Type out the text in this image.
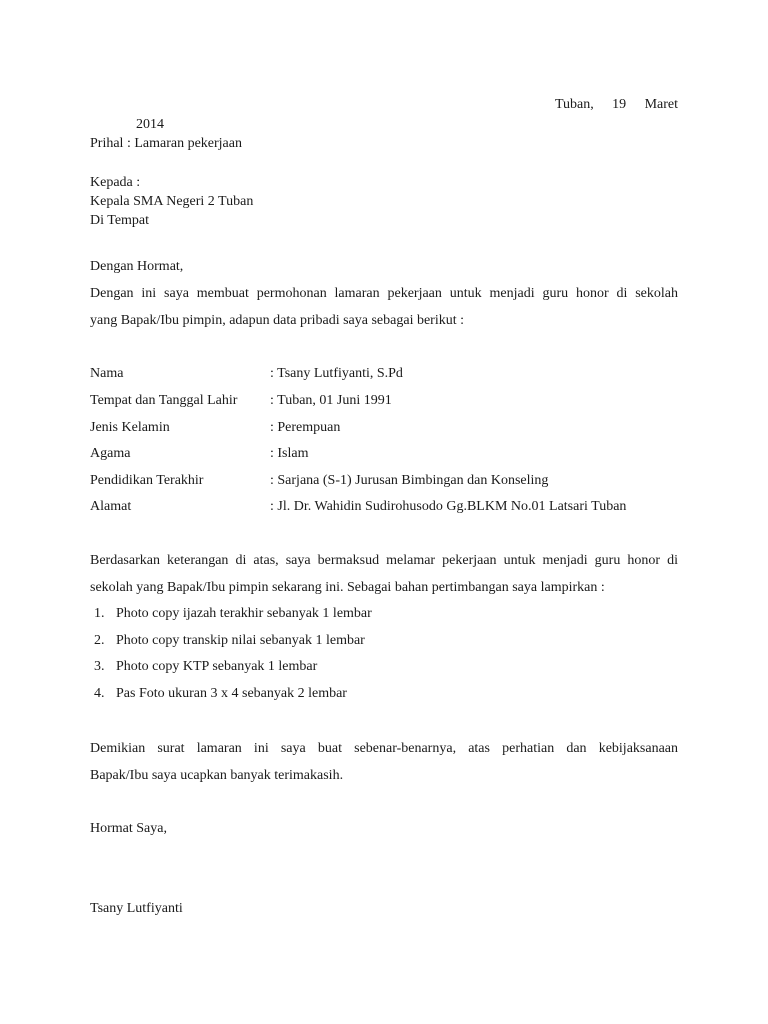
Tuban, 19 Maret
2014
Prihal : Lamaran pekerjaan
Kepada :
Kepala SMA Negeri 2 Tuban
Di Tempat
Dengan Hormat,
Dengan ini saya membuat permohonan lamaran pekerjaan untuk menjadi guru honor di sekolah
yang Bapak/Ibu pimpin, adapun data pribadi saya sebagai berikut :
Nama	: Tsany Lutfiyanti, S.Pd
Tempat dan Tanggal Lahir : Tuban, 01 Juni 1991
Jenis Kelamin	: Perempuan
Agama	: Islam
Pendidikan Terakhir	: Sarjana (S-1) Jurusan Bimbingan dan Konseling
Alamat	: Jl. Dr. Wahidin Sudirohusodo Gg.BLKM No.01 Latsari Tuban
Berdasarkan keterangan di atas, saya bermaksud melamar pekerjaan untuk menjadi guru honor di
sekolah yang Bapak/Ibu pimpin sekarang ini. Sebagai bahan pertimbangan saya lampirkan :
1. Photo copy ijazah terakhir sebanyak 1 lembar
2. Photo copy transkip nilai sebanyak 1 lembar
3. Photo copy KTP sebanyak 1 lembar
4. Pas Foto ukuran 3 x 4 sebanyak 2 lembar
Demikian surat lamaran ini saya buat sebenar-benarnya, atas perhatian dan kebijaksanaan
Bapak/Ibu saya ucapkan banyak terimakasih.
Hormat Saya,
Tsany Lutfiyanti
